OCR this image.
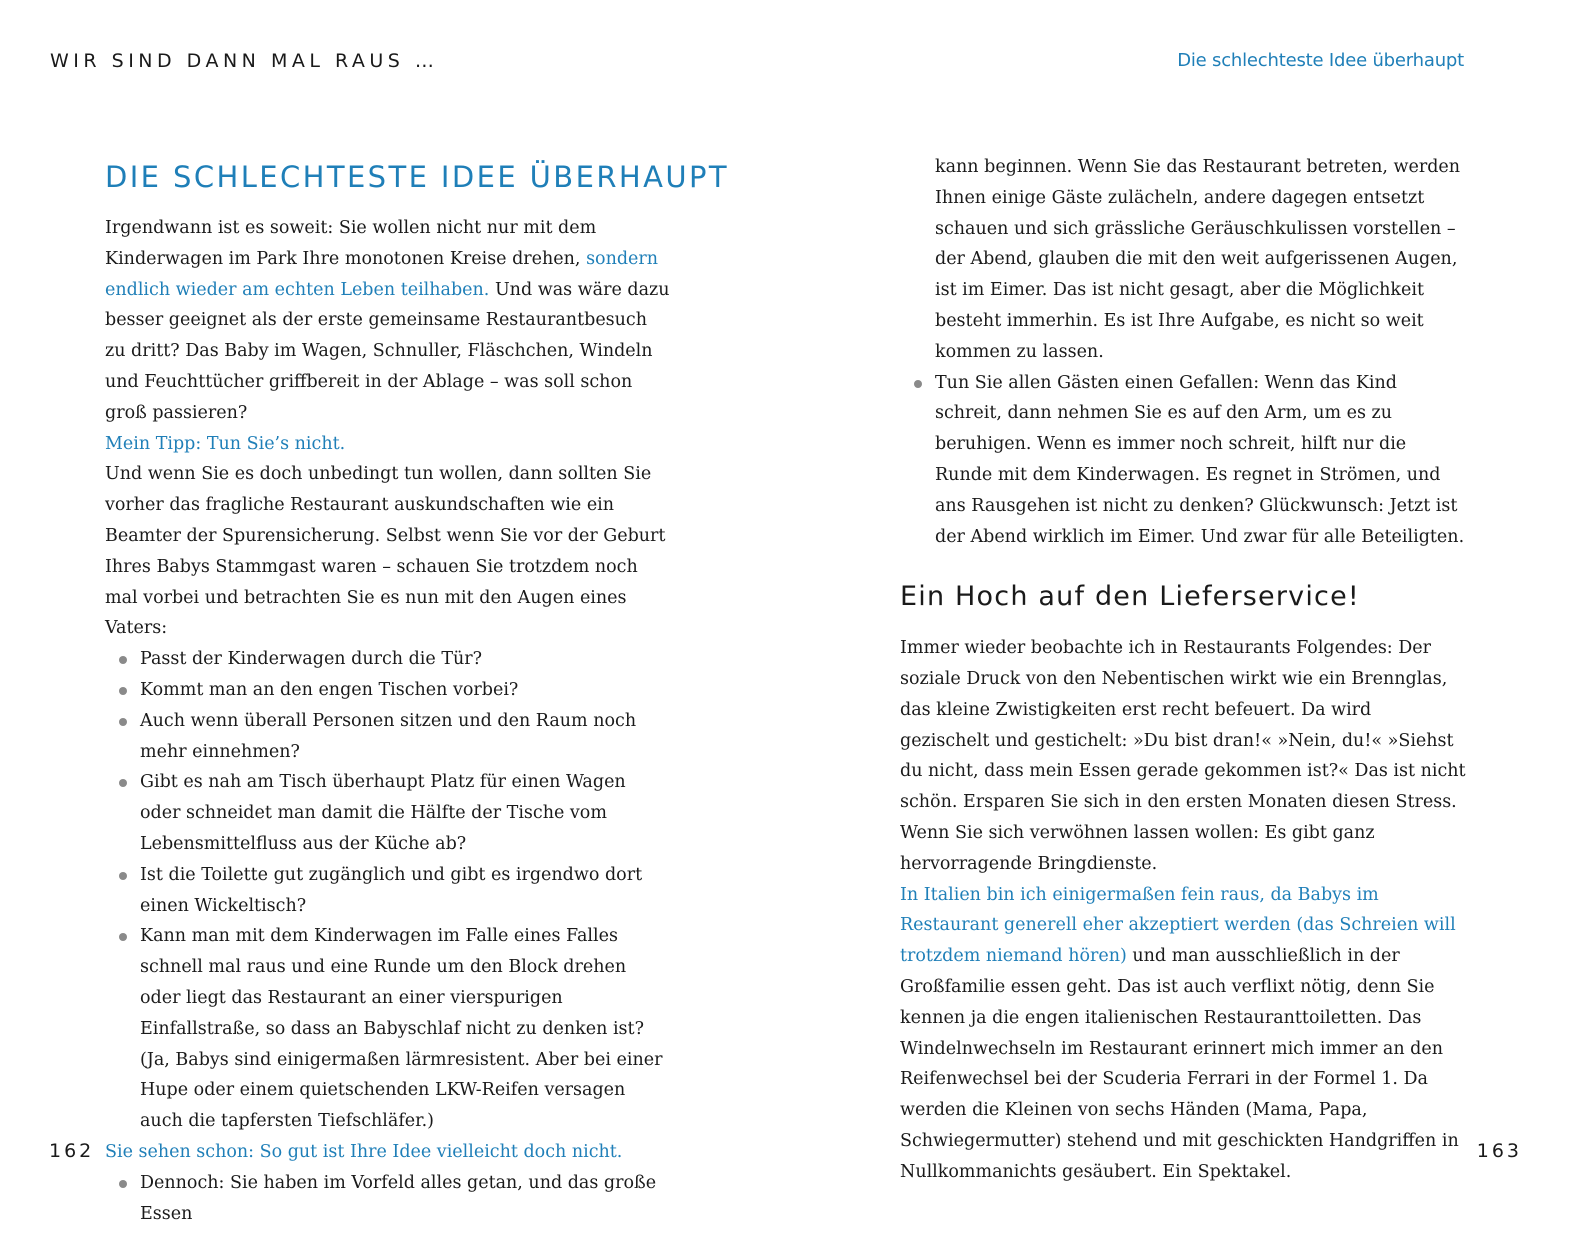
WIR SIND DANN MAL RAUS …
DIE SCHLECHTESTE IDEE ÜBERHAUPT

Irgendwann ist es soweit: Sie wollen nicht nur mit dem Kinderwagen im Park Ihre monotonen Kreise drehen, sondern endlich wieder am echten Leben teilhaben. Und was wäre dazu besser geeignet als der erste gemeinsame Restaurantbesuch zu dritt? Das Baby im Wagen, Schnuller, Fläschchen, Windeln und Feuchttücher griffbereit in der Ablage – was soll schon groß passieren?

Mein Tipp: Tun Sie’s nicht.

Und wenn Sie es doch unbedingt tun wollen, dann sollten Sie vorher das fragliche Restaurant auskundschaften wie ein Beamter der Spurensicherung. Selbst wenn Sie vor der Geburt Ihres Babys Stammgast waren – schauen Sie trotzdem noch mal vorbei und betrachten Sie es nun mit den Augen eines Vaters:

Passt der Kinderwagen durch die Tür?
Kommt man an den engen Tischen vorbei?
Auch wenn überall Personen sitzen und den Raum noch mehr einnehmen?
Gibt es nah am Tisch überhaupt Platz für einen Wagen oder schneidet man damit die Hälfte der Tische vom Lebensmittelfluss aus der Küche ab?
Ist die Toilette gut zugänglich und gibt es irgendwo dort einen Wickeltisch?
Kann man mit dem Kinderwagen im Falle eines Falles schnell mal raus und eine Runde um den Block drehen oder liegt das Restaurant an einer vierspurigen Einfallstraße, so dass an Babyschlaf nicht zu denken ist? (Ja, Babys sind einigermaßen lärmresistent. Aber bei einer Hupe oder einem quietschenden LKW-Reifen versagen auch die tapfersten Tiefschläfer.)

Sie sehen schon: So gut ist Ihre Idee vielleicht doch nicht.

Dennoch: Sie haben im Vorfeld alles getan, und das große Essen
162
Die schlechteste Idee überhaupt

kann beginnen. Wenn Sie das Restaurant betreten, werden Ihnen einige Gäste zulächeln, andere dagegen entsetzt schauen und sich grässliche Geräuschkulissen vorstellen – der Abend, glauben die mit den weit aufgerissenen Augen, ist im Eimer. Das ist nicht gesagt, aber die Möglichkeit besteht immerhin. Es ist Ihre Aufgabe, es nicht so weit kommen zu lassen.

Tun Sie allen Gästen einen Gefallen: Wenn das Kind schreit, dann nehmen Sie es auf den Arm, um es zu beruhigen. Wenn es immer noch schreit, hilft nur die Runde mit dem Kinderwagen. Es regnet in Strömen, und ans Rausgehen ist nicht zu denken? Glückwunsch: Jetzt ist der Abend wirklich im Eimer. Und zwar für alle Beteiligten.
Ein Hoch auf den Lieferservice!

Immer wieder beobachte ich in Restaurants Folgendes: Der soziale Druck von den Nebentischen wirkt wie ein Brennglas, das kleine Zwistigkeiten erst recht befeuert. Da wird gezischelt und gestichelt: »Du bist dran!« »Nein, du!« »Siehst du nicht, dass mein Essen gerade gekommen ist?« Das ist nicht schön. Ersparen Sie sich in den ersten Monaten diesen Stress. Wenn Sie sich verwöhnen lassen wollen: Es gibt ganz hervorragende Bringdienste.

In Italien bin ich einigermaßen fein raus, da Babys im Restaurant generell eher akzeptiert werden (das Schreien will trotzdem niemand hören) und man ausschließlich in der Großfamilie essen geht. Das ist auch verflixt nötig, denn Sie kennen ja die engen italienischen Restauranttoiletten. Das Windelnwechseln im Restaurant erinnert mich immer an den Reifenwechsel bei der Scuderia Ferrari in der Formel 1. Da werden die Kleinen von sechs Händen (Mama, Papa, Schwiegermutter) stehend und mit geschickten Handgriffen in Nullkommanichts gesäubert. Ein Spektakel.

163
